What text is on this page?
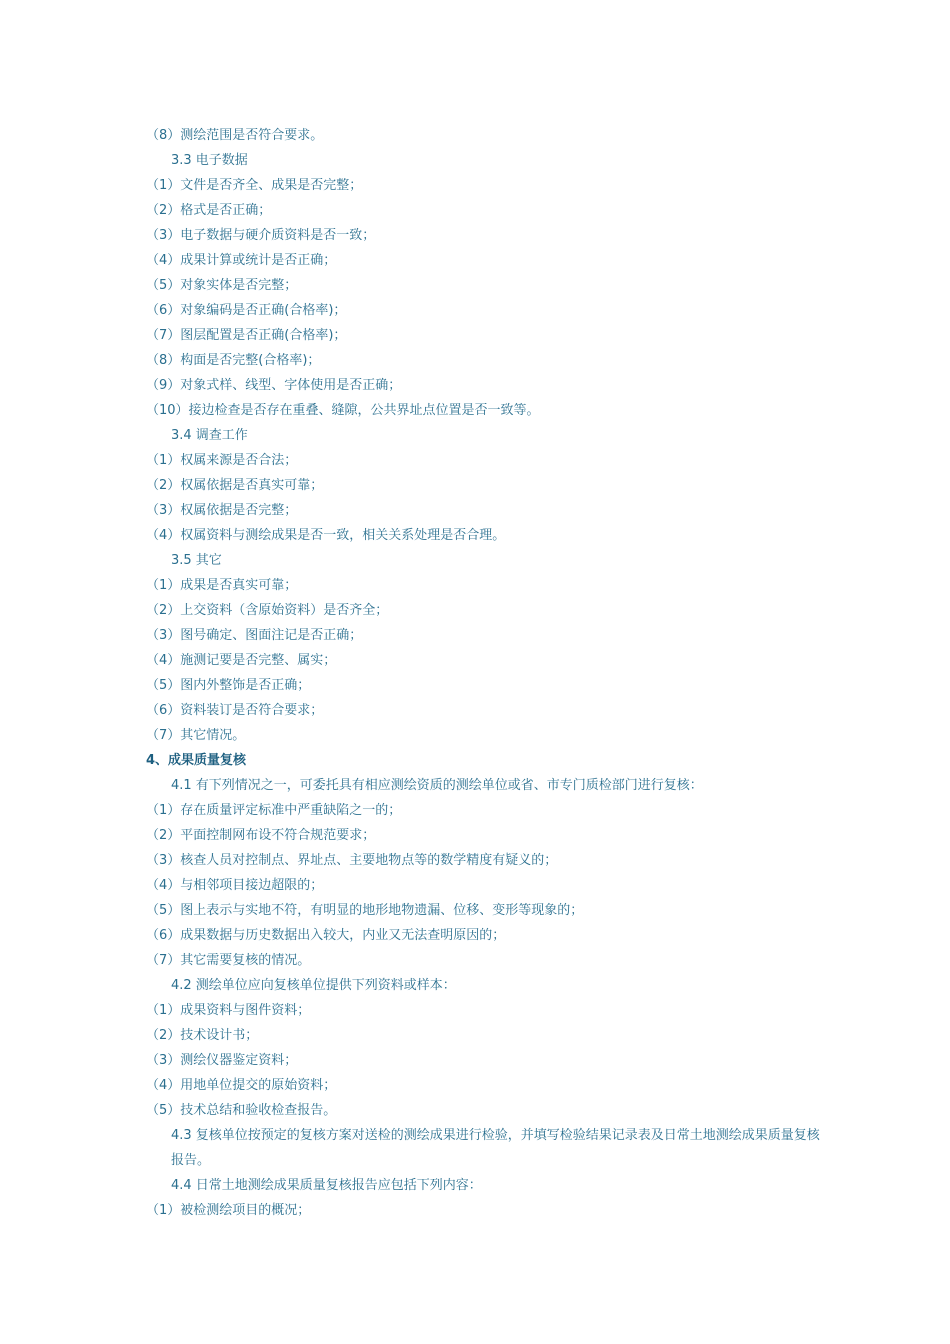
（8）测绘范围是否符合要求。
3.3 电子数据
（1）文件是否齐全、成果是否完整；
（2）格式是否正确；
（3）电子数据与硬介质资料是否一致；
（4）成果计算或统计是否正确；
（5）对象实体是否完整；
（6）对象编码是否正确(合格率)；
（7）图层配置是否正确(合格率)；
（8）构面是否完整(合格率)；
（9）对象式样、线型、字体使用是否正确；
（10）接边检查是否存在重叠、缝隙，公共界址点位置是否一致等。
3.4 调查工作
（1）权属来源是否合法；
（2）权属依据是否真实可靠；
（3）权属依据是否完整；
（4）权属资料与测绘成果是否一致，相关关系处理是否合理。
3.5 其它
（1）成果是否真实可靠；
（2）上交资料（含原始资料）是否齐全；
（3）图号确定、图面注记是否正确；
（4）施测记要是否完整、属实；
（5）图内外整饰是否正确；
（6）资料装订是否符合要求；
（7）其它情况。
4、成果质量复核
4.1 有下列情况之一，可委托具有相应测绘资质的测绘单位或省、市专门质检部门进行复核：
（1）存在质量评定标准中严重缺陷之一的；
（2）平面控制网布设不符合规范要求；
（3）核查人员对控制点、界址点、主要地物点等的数学精度有疑义的；
（4）与相邻项目接边超限的；
（5）图上表示与实地不符，有明显的地形地物遗漏、位移、变形等现象的；
（6）成果数据与历史数据出入较大，内业又无法查明原因的；
（7）其它需要复核的情况。
4.2 测绘单位应向复核单位提供下列资料或样本：
（1）成果资料与图件资料；
（2）技术设计书；
（3）测绘仪器鉴定资料；
（4）用地单位提交的原始资料；
（5）技术总结和验收检查报告。
4.3 复核单位按预定的复核方案对送检的测绘成果进行检验，并填写检验结果记录表及日常土地测绘成果质量复核报告。
4.4 日常土地测绘成果质量复核报告应包括下列内容：
（1）被检测绘项目的概况；
